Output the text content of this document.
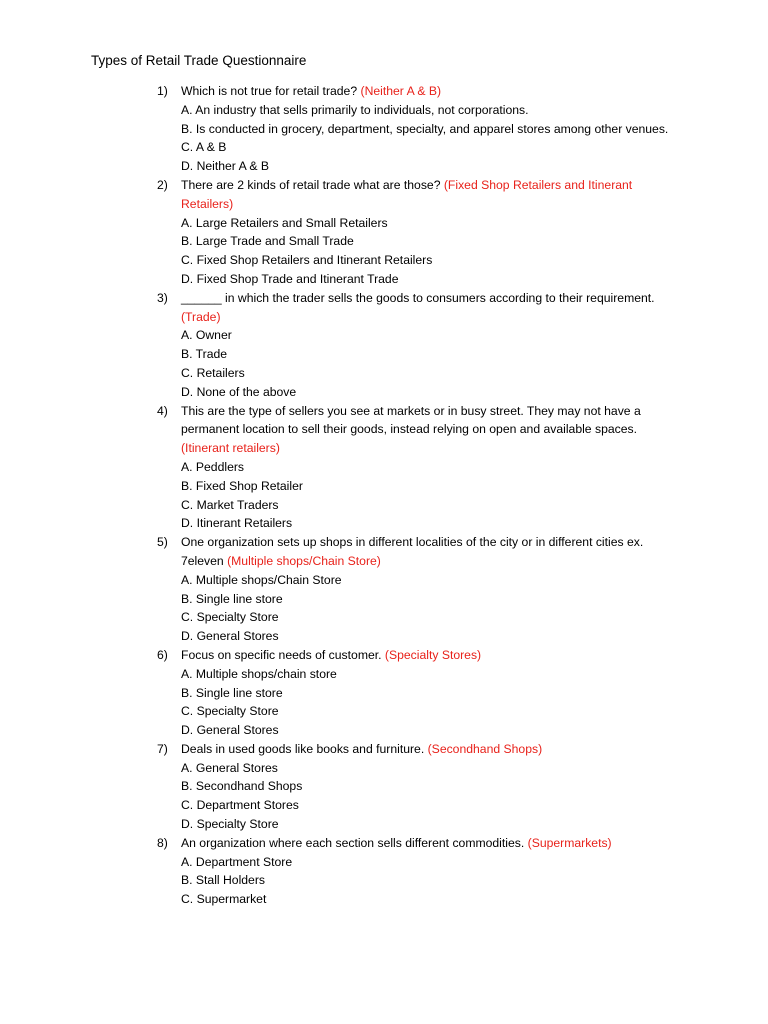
Types of Retail Trade Questionnaire
1) Which is not true for retail trade? (Neither A & B)
A. An industry that sells primarily to individuals, not corporations.
B. Is conducted in grocery, department, specialty, and apparel stores among other venues.
C. A & B
D. Neither A & B
2) There are 2 kinds of retail trade what are those? (Fixed Shop Retailers and Itinerant Retailers)
A. Large Retailers and Small Retailers
B. Large Trade and Small Trade
C. Fixed Shop Retailers and Itinerant Retailers
D. Fixed Shop Trade and Itinerant Trade
3) ______ in which the trader sells the goods to consumers according to their requirement. (Trade)
A. Owner
B. Trade
C. Retailers
D. None of the above
4) This are the type of sellers you see at markets or in busy street. They may not have a permanent location to sell their goods, instead relying on open and available spaces. (Itinerant retailers)
A. Peddlers
B. Fixed Shop Retailer
C. Market Traders
D. Itinerant Retailers
5) One organization sets up shops in different localities of the city or in different cities ex. 7eleven (Multiple shops/Chain Store)
A. Multiple shops/Chain Store
B. Single line store
C. Specialty Store
D. General Stores
6) Focus on specific needs of customer. (Specialty Stores)
A. Multiple shops/chain store
B. Single line store
C. Specialty Store
D. General Stores
7) Deals in used goods like books and furniture. (Secondhand Shops)
A. General Stores
B. Secondhand Shops
C. Department Stores
D. Specialty Store
8) An organization where each section sells different commodities. (Supermarkets)
A. Department Store
B. Stall Holders
C. Supermarket
